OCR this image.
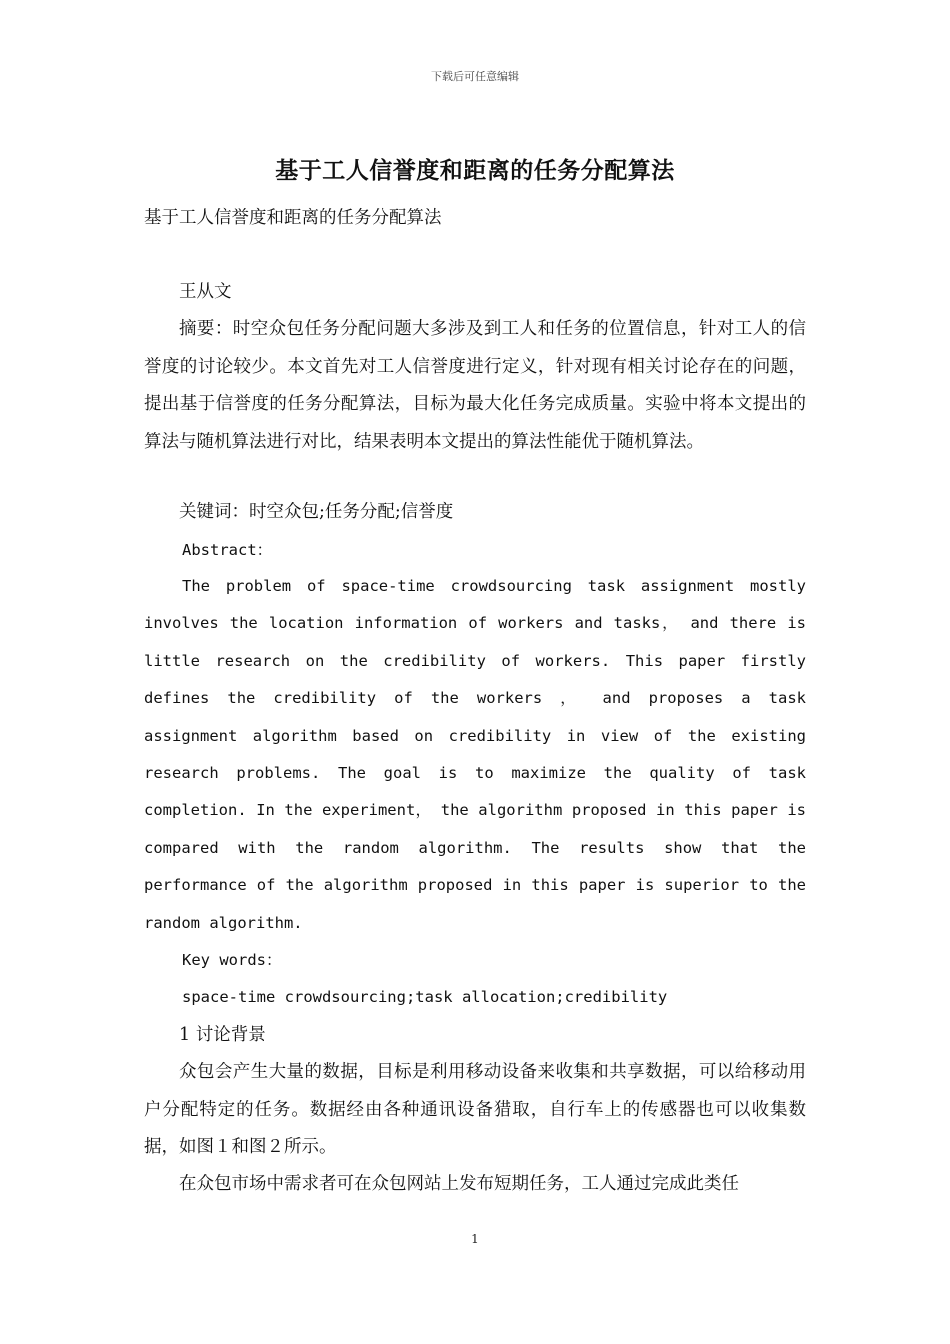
下载后可任意编辑
基于工人信誉度和距离的任务分配算法

基于工人信誉度和距离的任务分配算法

王从文

摘要：时空众包任务分配问题大多涉及到工人和任务的位置信息，针对工人的信誉度的讨论较少。本文首先对工人信誉度进行定义，针对现有相关讨论存在的问题，提出基于信誉度的任务分配算法，目标为最大化任务完成质量。实验中将本文提出的算法与随机算法进行对比，结果表明本文提出的算法性能优于随机算法。

关键词：时空众包;任务分配;信誉度

Abstract：

The problem of space-time crowdsourcing task assignment mostly involves the location information of workers and tasks， and there is little research on the credibility of workers. This paper firstly defines the credibility of the workers ， and proposes a task assignment algorithm based on credibility in view of the existing research problems. The goal is to maximize the quality of task completion. In the experiment， the algorithm proposed in this paper is compared with the random algorithm. The results show that the performance of the algorithm proposed in this paper is superior to the random algorithm.

Key words：

space-time crowdsourcing;task allocation;credibility

1 讨论背景

众包会产生大量的数据，目标是利用移动设备来收集和共享数据，可以给移动用户分配特定的任务。数据经由各种通讯设备猎取，自行车上的传感器也可以收集数据，如图１和图２所示。

在众包市场中需求者可在众包网站上发布短期任务，工人通过完成此类任

1
